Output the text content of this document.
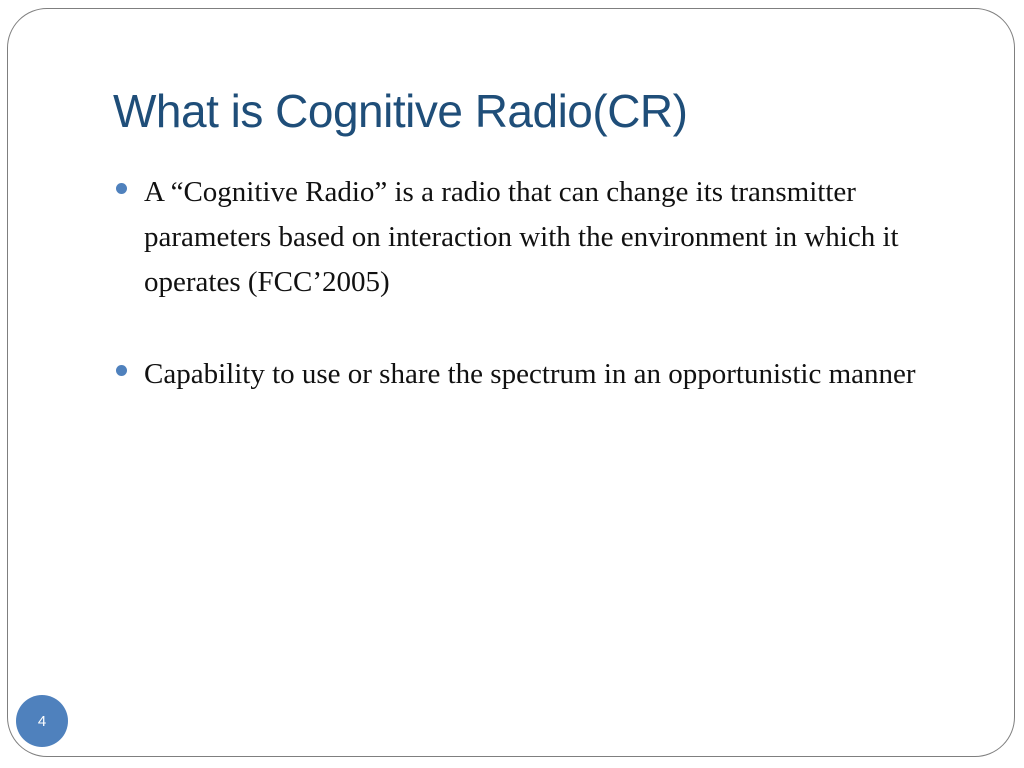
What is Cognitive Radio(CR)
A “Cognitive Radio” is a radio that can change its transmitter parameters based on interaction with the environment in which it operates (FCC’2005)
Capability to use or share the spectrum in an opportunistic manner
4
